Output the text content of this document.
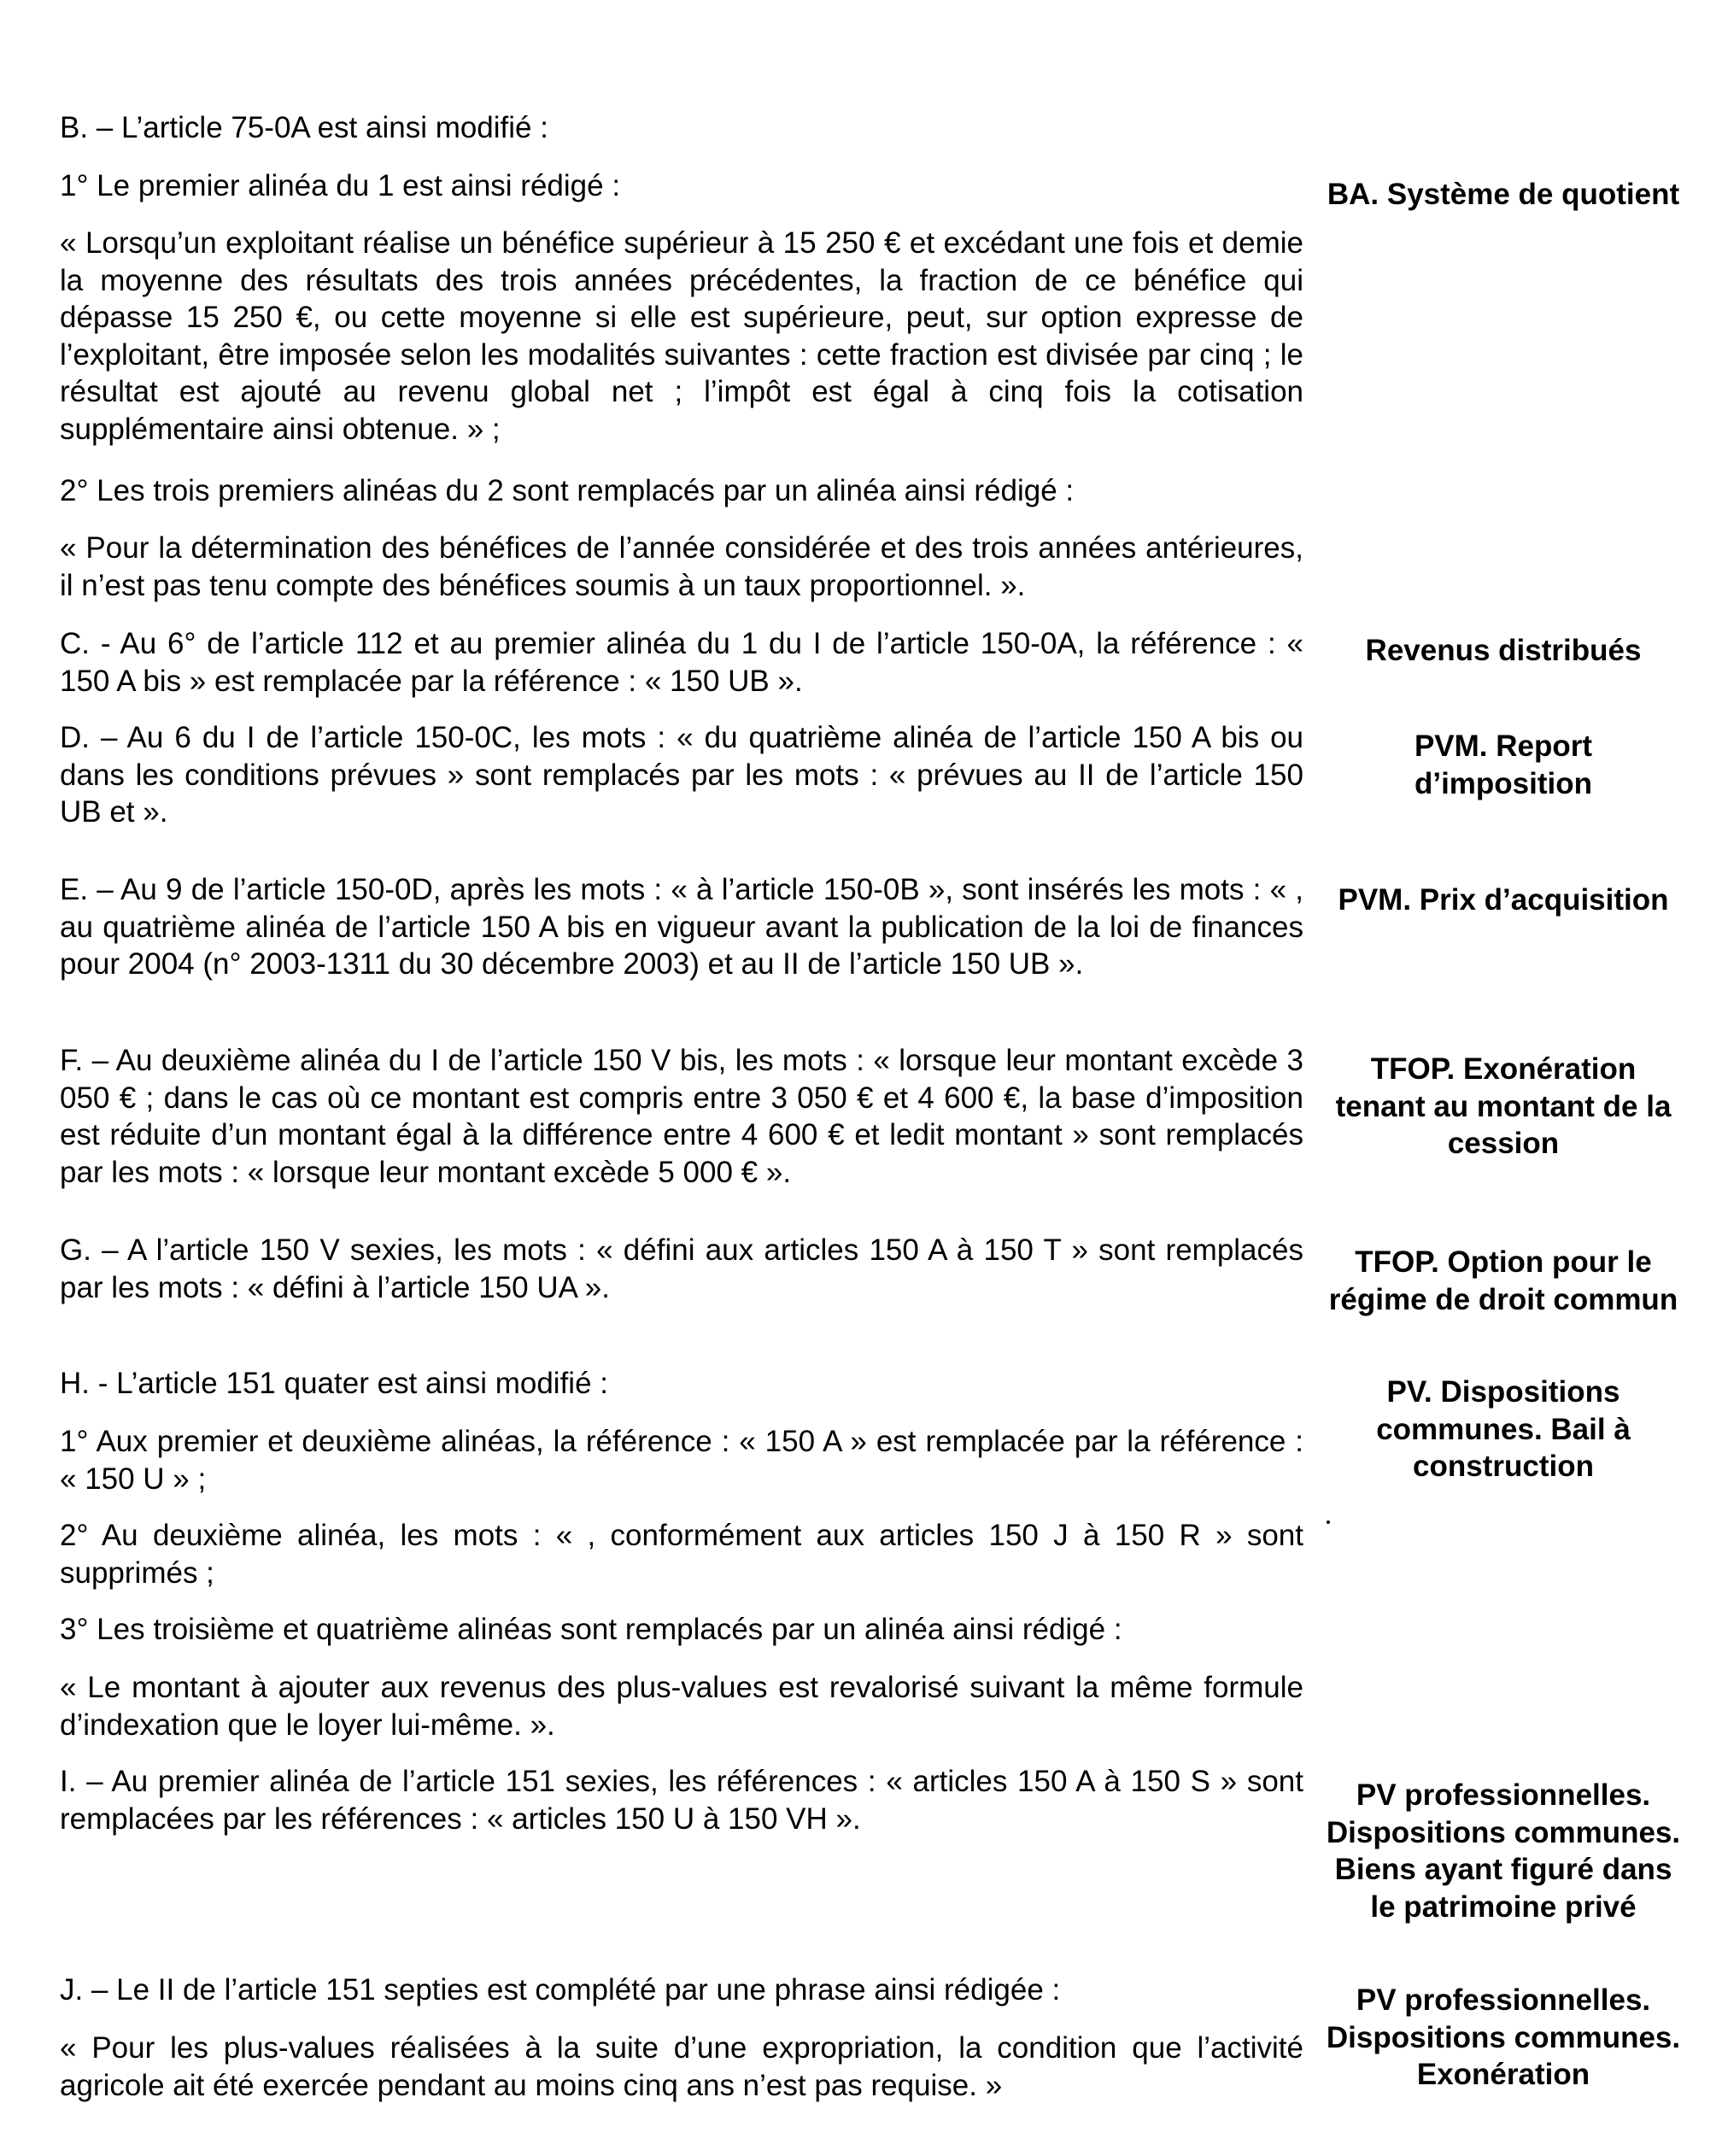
B. – L’article 75-0A est ainsi modifié :

1° Le premier alinéa du 1 est ainsi rédigé :

« Lorsqu’un exploitant réalise un bénéfice supérieur à 15 250 € et excédant une fois et demie la moyenne des résultats des trois années précédentes, la fraction de ce bénéfice qui dépasse 15 250 €, ou cette moyenne si elle est supérieure, peut, sur option expresse de l’exploitant, être imposée selon les modalités suivantes : cette fraction est divisée par cinq ; le résultat est ajouté au revenu global net ; l’impôt est égal à cinq fois la cotisation supplémentaire ainsi obtenue. » ;

2° Les trois premiers alinéas du 2 sont remplacés par un alinéa ainsi rédigé :

« Pour la détermination des bénéfices de l’année considérée et des trois années antérieures, il n’est pas tenu compte des bénéfices soumis à un taux proportionnel. ».

C. - Au 6° de l’article 112 et au premier alinéa du 1 du I de l’article 150-0A, la référence : « 150 A bis » est remplacée par la référence : « 150 UB ».

D. – Au 6 du I de l’article 150-0C, les mots : « du quatrième alinéa de l’article 150 A bis ou dans les conditions prévues » sont remplacés par les mots : « prévues au II de l’article 150 UB et ».

E. – Au 9 de l’article 150-0D, après les mots : « à l’article 150-0B », sont insérés les mots : « , au quatrième alinéa de l’article 150 A bis en vigueur avant la publication de la loi de finances pour 2004 (n° 2003-1311 du 30 décembre 2003) et au II de l’article 150 UB ».

F. – Au deuxième alinéa du I de l’article 150 V bis, les mots : « lorsque leur montant excède 3 050 € ; dans le cas où ce montant est compris entre 3 050 € et 4 600 €, la base d’imposition est réduite d’un montant égal à la différence entre 4 600 € et ledit montant » sont remplacés par les mots : « lorsque leur montant excède 5 000 € ».

G. – A l’article 150 V sexies, les mots : « défini aux articles 150 A à 150 T » sont remplacés par les mots : « défini à l’article 150 UA ».

H. - L’article 151 quater est ainsi modifié :

1° Aux premier et deuxième alinéas, la référence : « 150 A » est remplacée par la référence : « 150 U » ;

2° Au deuxième alinéa, les mots : « , conformément aux articles 150 J à 150 R » sont supprimés ;

3° Les troisième et quatrième alinéas sont remplacés par un alinéa ainsi rédigé :

« Le montant à ajouter aux revenus des plus-values est revalorisé suivant la même formule d’indexation que le loyer lui-même. ».

I. – Au premier alinéa de l’article 151 sexies, les références : « articles 150 A à 150 S » sont remplacées par les références : « articles 150 U à 150 VH ».

J. – Le II de l’article 151 septies est complété par une phrase ainsi rédigée :

« Pour les plus-values réalisées à la suite d’une expropriation, la condition que l’activité agricole ait été exercée pendant au moins cinq ans n’est pas requise. »

BA. Système de quotient

Revenus distribués

PVM. Report d’imposition

PVM. Prix d’acquisition

TFOP. Exonération tenant au montant de la cession

TFOP. Option pour le régime de droit commun

PV. Dispositions communes. Bail à construction

PV professionnelles. Dispositions communes. Biens ayant figuré dans le patrimoine privé

PV professionnelles. Dispositions communes. Exonération
